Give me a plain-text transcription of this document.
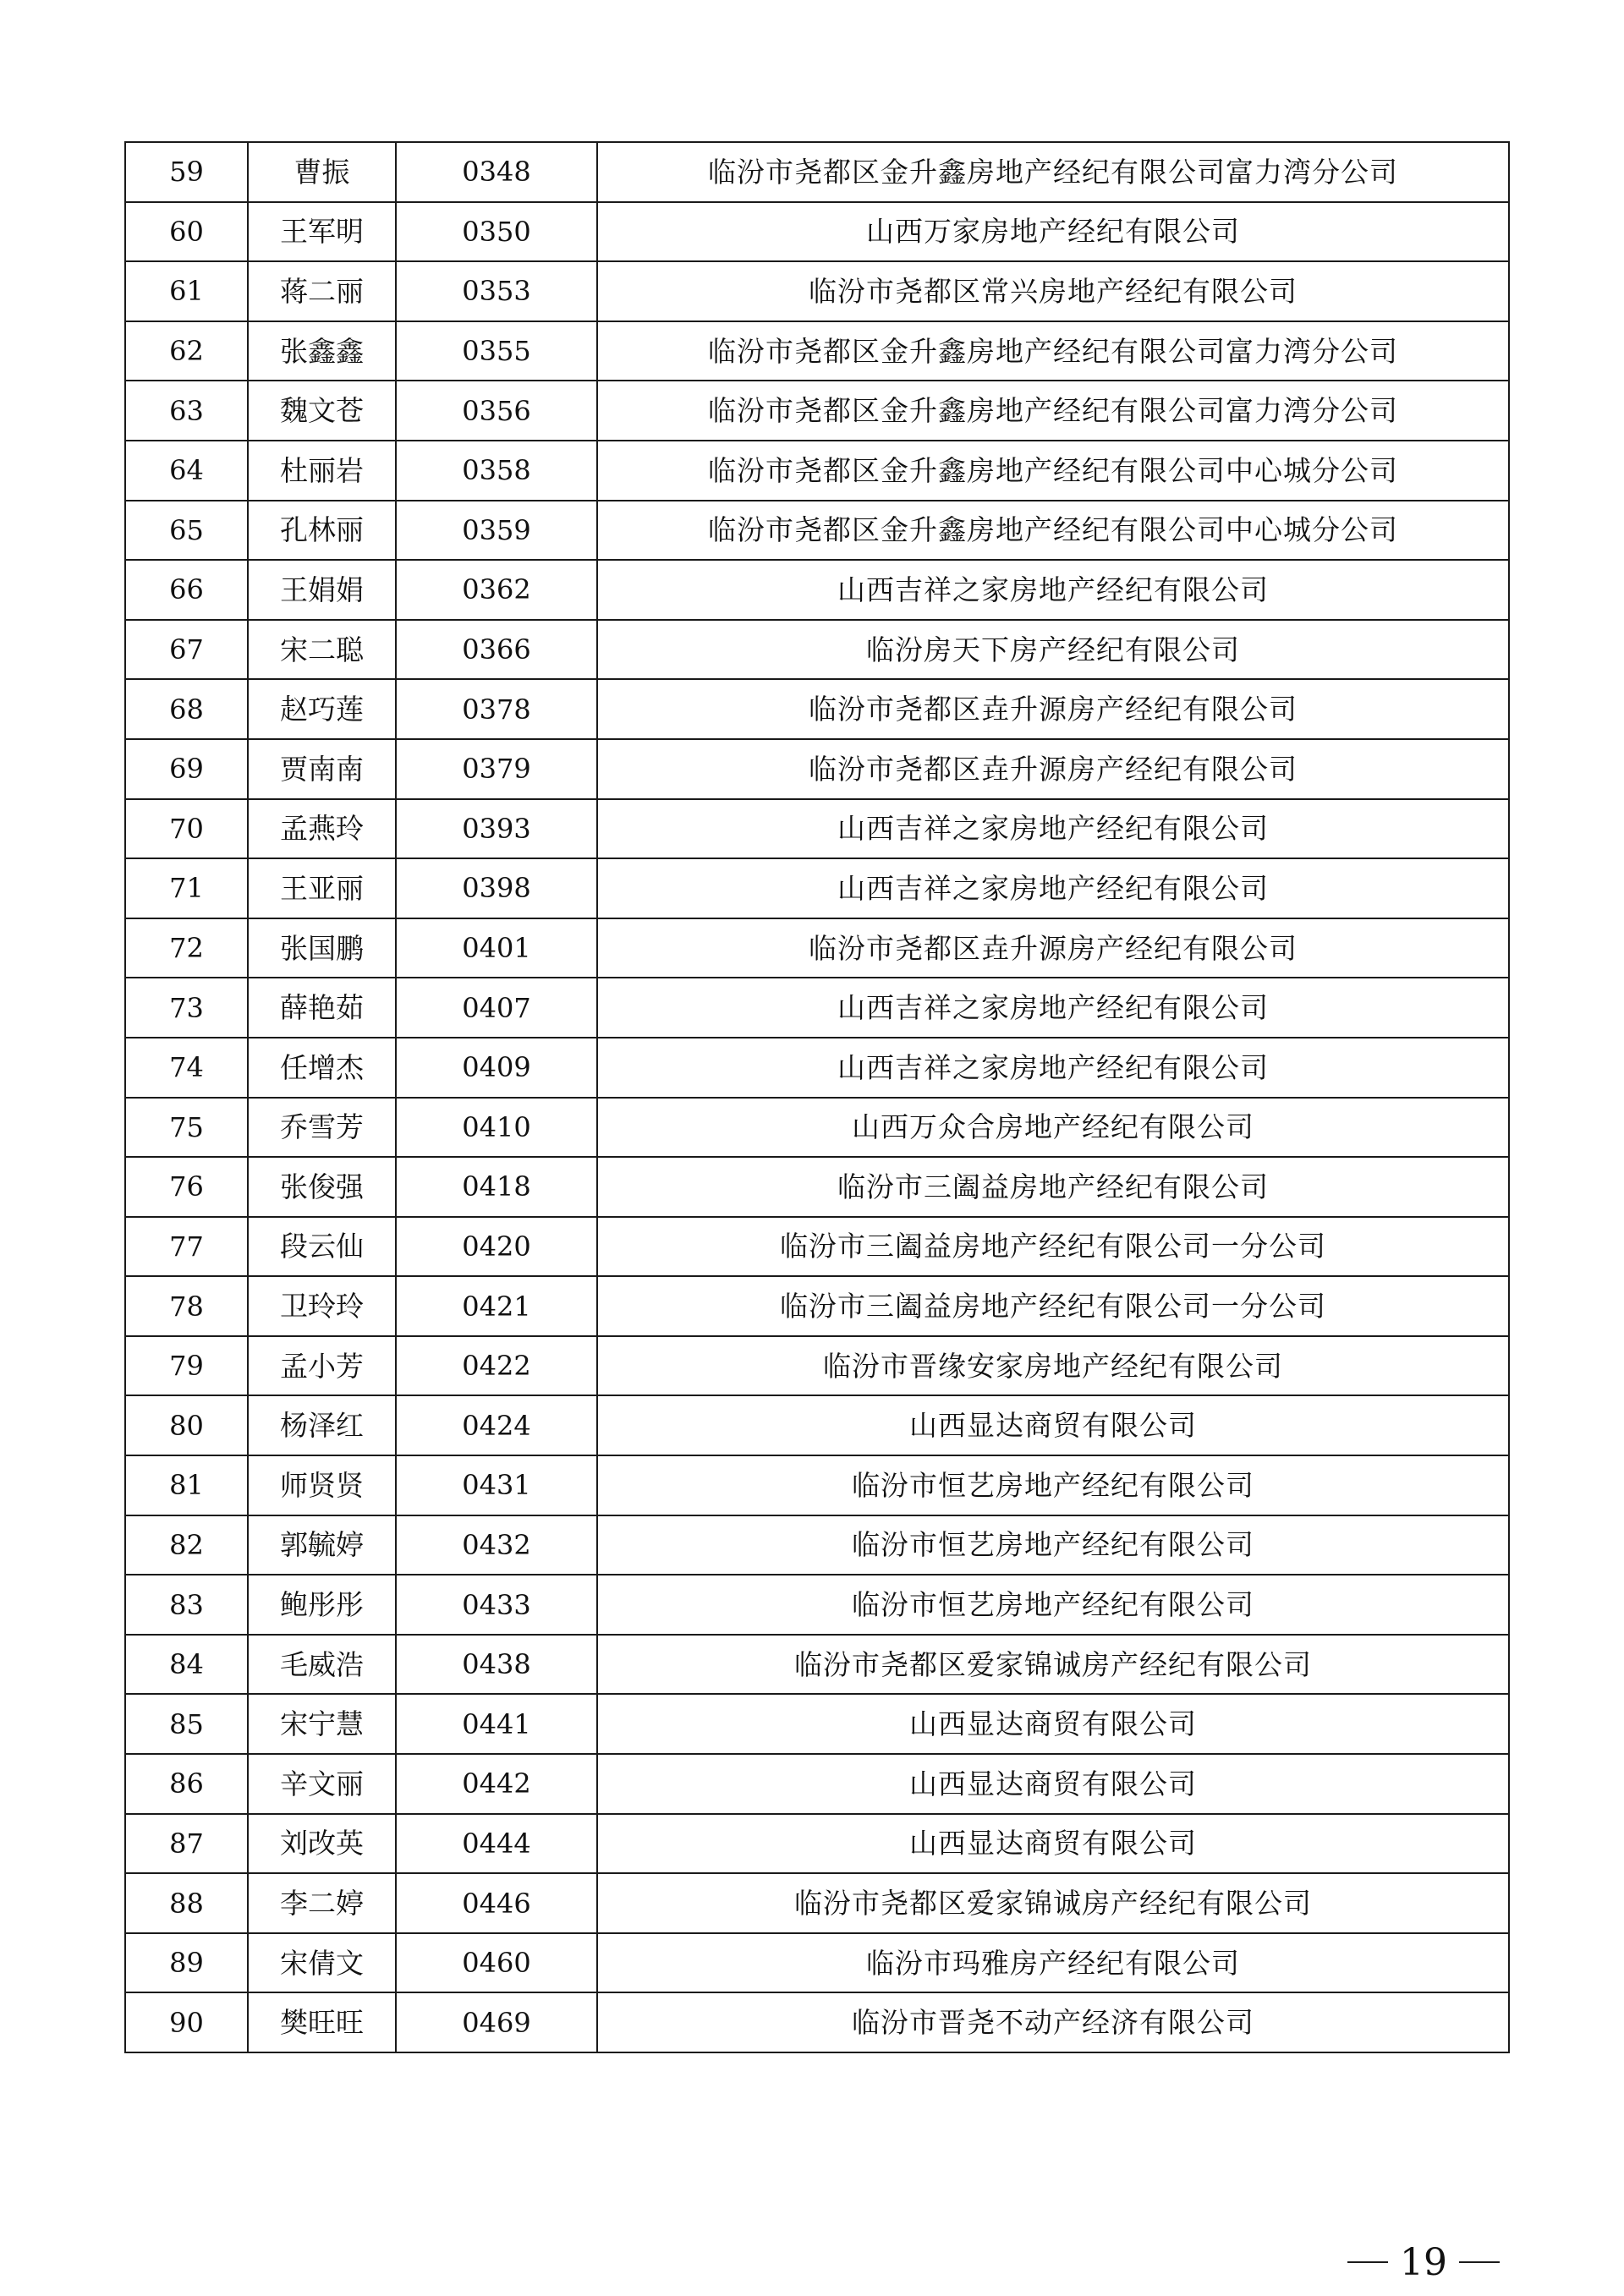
59	曹振	0348	临汾市尧都区金升鑫房地产经纪有限公司富力湾分公司
60	王军明	0350	山西万家房地产经纪有限公司
61	蒋二丽	0353	临汾市尧都区常兴房地产经纪有限公司
62	张鑫鑫	0355	临汾市尧都区金升鑫房地产经纪有限公司富力湾分公司
63	魏文苍	0356	临汾市尧都区金升鑫房地产经纪有限公司富力湾分公司
64	杜丽岩	0358	临汾市尧都区金升鑫房地产经纪有限公司中心城分公司
65	孔林丽	0359	临汾市尧都区金升鑫房地产经纪有限公司中心城分公司
66	王娟娟	0362	山西吉祥之家房地产经纪有限公司
67	宋二聪	0366	临汾房天下房产经纪有限公司
68	赵巧莲	0378	临汾市尧都区垚升源房产经纪有限公司
69	贾南南	0379	临汾市尧都区垚升源房产经纪有限公司
70	孟燕玲	0393	山西吉祥之家房地产经纪有限公司
71	王亚丽	0398	山西吉祥之家房地产经纪有限公司
72	张国鹏	0401	临汾市尧都区垚升源房产经纪有限公司
73	薛艳茹	0407	山西吉祥之家房地产经纪有限公司
74	任增杰	0409	山西吉祥之家房地产经纪有限公司
75	乔雪芳	0410	山西万众合房地产经纪有限公司
76	张俊强	0418	临汾市三阖益房地产经纪有限公司
77	段云仙	0420	临汾市三阖益房地产经纪有限公司一分公司
78	卫玲玲	0421	临汾市三阖益房地产经纪有限公司一分公司
79	孟小芳	0422	临汾市晋缘安家房地产经纪有限公司
80	杨泽红	0424	山西显达商贸有限公司
81	师贤贤	0431	临汾市恒艺房地产经纪有限公司
82	郭毓婷	0432	临汾市恒艺房地产经纪有限公司
83	鲍彤彤	0433	临汾市恒艺房地产经纪有限公司
84	毛威浩	0438	临汾市尧都区爱家锦诚房产经纪有限公司
85	宋宁慧	0441	山西显达商贸有限公司
86	辛文丽	0442	山西显达商贸有限公司
87	刘改英	0444	山西显达商贸有限公司
88	李二婷	0446	临汾市尧都区爱家锦诚房产经纪有限公司
89	宋倩文	0460	临汾市玛雅房产经纪有限公司
90	樊旺旺	0469	临汾市晋尧不动产经济有限公司
19
